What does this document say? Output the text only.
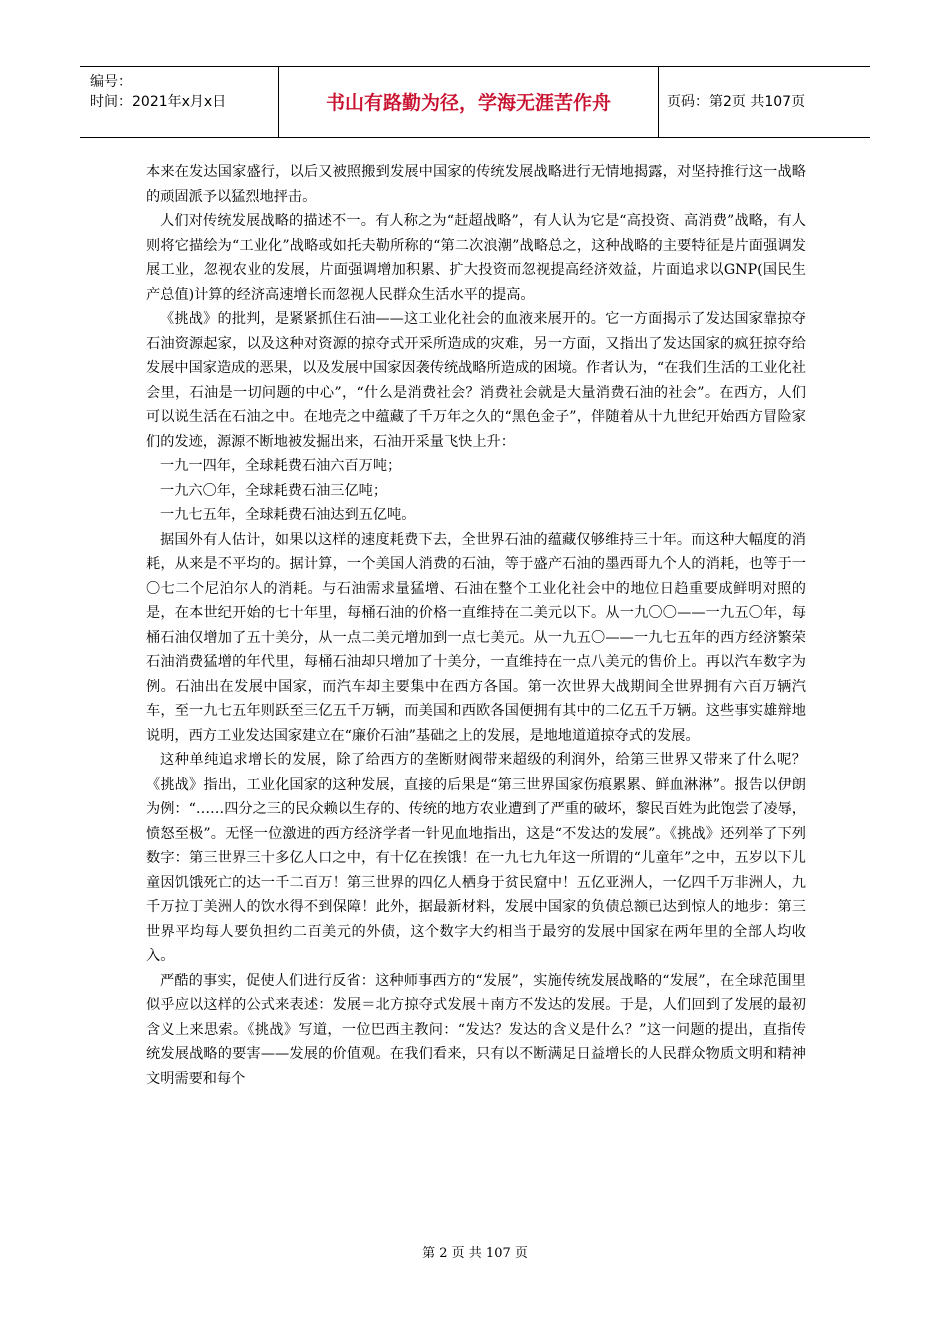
编号：
时间：2021年x月x日	书山有路勤为径，学海无涯苦作舟	页码：第2页 共107页

本来在发达国家盛行，以后又被照搬到发展中国家的传统发展战略进行无情地揭露，对坚持推行这一战略的顽固派予以猛烈地抨击。

人们对传统发展战略的描述不一。有人称之为“赶超战略”，有人认为它是“高投资、高消费”战略，有人则将它描绘为“工业化”战略或如托夫勒所称的“第二次浪潮”战略总之，这种战略的主要特征是片面强调发展工业，忽视农业的发展，片面强调增加积累、扩大投资而忽视提高经济效益，片面追求以GNP(国民生产总值)计算的经济高速增长而忽视人民群众生活水平的提高。

《挑战》的批判，是紧紧抓住石油——这工业化社会的血液来展开的。它一方面揭示了发达国家靠掠夺石油资源起家，以及这种对资源的掠夺式开采所造成的灾难，另一方面，又指出了发达国家的疯狂掠夺给发展中国家造成的恶果，以及发展中国家因袭传统战略所造成的困境。作者认为，“在我们生活的工业化社会里，石油是一切问题的中心”，“什么是消费社会？消费社会就是大量消费石油的社会”。在西方，人们可以说生活在石油之中。在地壳之中蕴藏了千万年之久的“黑色金子”，伴随着从十九世纪开始西方冒险家们的发迹，源源不断地被发掘出来，石油开采量飞快上升：

一九一四年，全球耗费石油六百万吨；

一九六〇年，全球耗费石油三亿吨；

一九七五年，全球耗费石油达到五亿吨。

据国外有人估计，如果以这样的速度耗费下去，全世界石油的蕴藏仅够维持三十年。而这种大幅度的消耗，从来是不平均的。据计算，一个美国人消费的石油，等于盛产石油的墨西哥九个人的消耗，也等于一〇七二个尼泊尔人的消耗。与石油需求量猛增、石油在整个工业化社会中的地位日趋重要成鲜明对照的是，在本世纪开始的七十年里，每桶石油的价格一直维持在二美元以下。从一九〇〇——一九五〇年，每桶石油仅增加了五十美分，从一点二美元增加到一点七美元。从一九五〇——一九七五年的西方经济繁荣石油消费猛增的年代里，每桶石油却只增加了十美分，一直维持在一点八美元的售价上。再以汽车数字为例。石油出在发展中国家，而汽车却主要集中在西方各国。第一次世界大战期间全世界拥有六百万辆汽车，至一九七五年则跃至三亿五千万辆，而美国和西欧各国便拥有其中的二亿五千万辆。这些事实雄辩地说明，西方工业发达国家建立在“廉价石油”基础之上的发展，是地地道道掠夺式的发展。

这种单纯追求增长的发展，除了给西方的垄断财阀带来超级的利润外，给第三世界又带来了什么呢？《挑战》指出，工业化国家的这种发展，直接的后果是“第三世界国家伤痕累累、鲜血淋淋”。报告以伊朗为例：“……四分之三的民众赖以生存的、传统的地方农业遭到了严重的破坏，黎民百姓为此饱尝了凌辱，愤怒至极”。无怪一位激进的西方经济学者一针见血地指出，这是“不发达的发展”。《挑战》还列举了下列数字：第三世界三十多亿人口之中，有十亿在挨饿！在一九七九年这一所谓的“儿童年”之中，五岁以下儿童因饥饿死亡的达一千二百万！第三世界的四亿人栖身于贫民窟中！五亿亚洲人，一亿四千万非洲人，九千万拉丁美洲人的饮水得不到保障！此外，据最新材料，发展中国家的负债总额已达到惊人的地步：第三世界平均每人要负担约二百美元的外债，这个数字大约相当于最穷的发展中国家在两年里的全部人均收入。

严酷的事实，促使人们进行反省：这种师事西方的“发展”，实施传统发展战略的“发展”，在全球范围里似乎应以这样的公式来表述：发展＝北方掠夺式发展＋南方不发达的发展。于是，人们回到了发展的最初含义上来思索。《挑战》写道，一位巴西主教问：“发达？发达的含义是什么？”这一问题的提出，直指传统发展战略的要害——发展的价值观。在我们看来，只有以不断满足日益增长的人民群众物质文明和精神文明需要和每个

第 2 页 共 107 页
